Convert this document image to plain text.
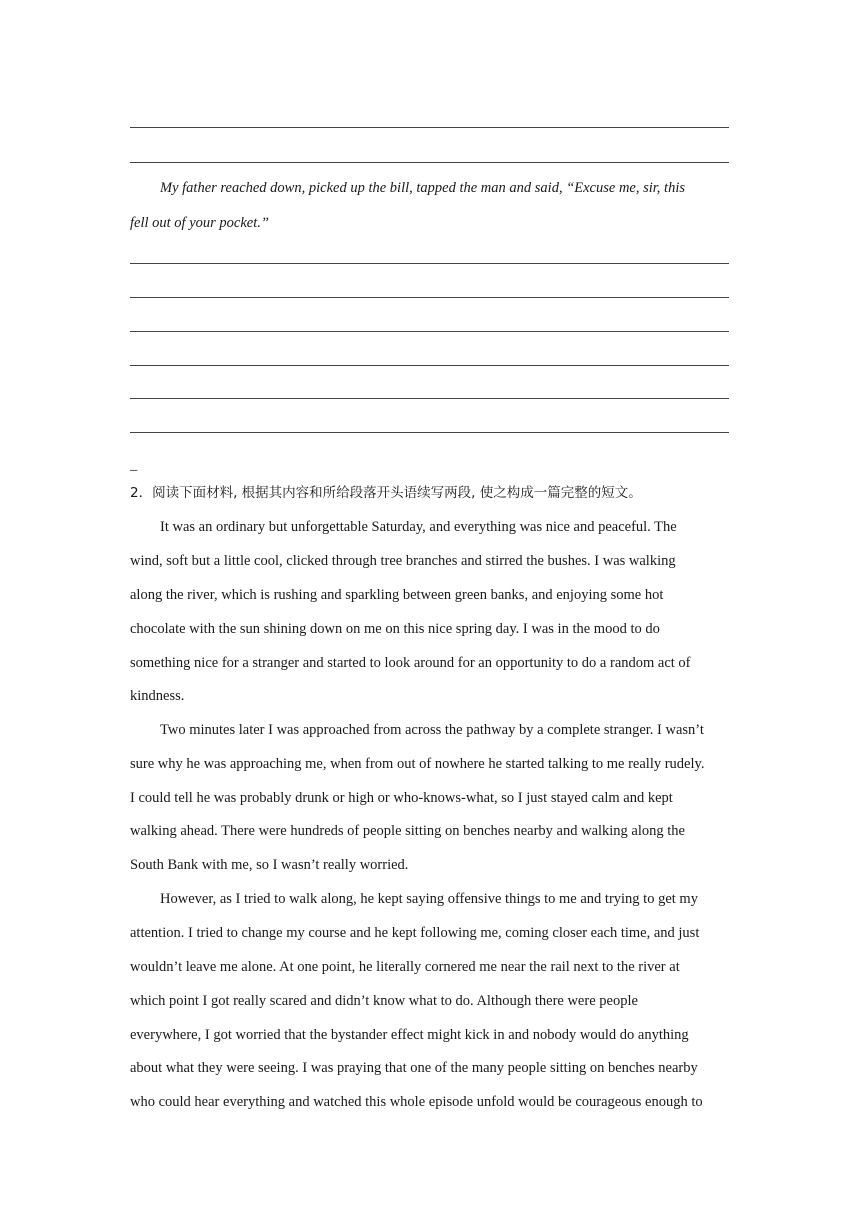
My father reached down, picked up the bill, tapped the man and said, “Excuse me, sir, this
fell out of your pocket.”
_
2．阅读下面材料, 根据其内容和所给段落开头语续写两段, 使之构成一篇完整的短文。
It was an ordinary but unforgettable Saturday, and everything was nice and peaceful. The
wind, soft but a little cool, clicked through tree branches and stirred the bushes. I was walking
along the river, which is rushing and sparkling between green banks, and enjoying some hot
chocolate with the sun shining down on me on this nice spring day. I was in the mood to do
something nice for a stranger and started to look around for an opportunity to do a random act of
kindness.
Two minutes later I was approached from across the pathway by a complete stranger. I wasn’t
sure why he was approaching me, when from out of nowhere he started talking to me really rudely.
I could tell he was probably drunk or high or who-knows-what, so I just stayed calm and kept
walking ahead. There were hundreds of people sitting on benches nearby and walking along the
South Bank with me, so I wasn’t really worried.
However, as I tried to walk along, he kept saying offensive things to me and trying to get my
attention. I tried to change my course and he kept following me, coming closer each time, and just
wouldn’t leave me alone. At one point, he literally cornered me near the rail next to the river at
which point I got really scared and didn’t know what to do. Although there were people
everywhere, I got worried that the bystander effect might kick in and nobody would do anything
about what they were seeing. I was praying that one of the many people sitting on benches nearby
who could hear everything and watched this whole episode unfold would be courageous enough to
